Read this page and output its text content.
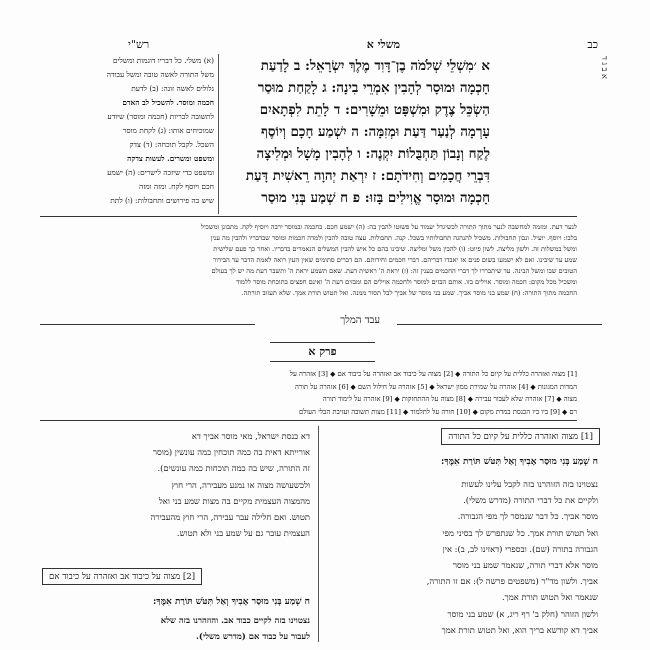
כב
משלי א
רש"י
א ב ג ד
א ׳מִשְׁלֵי שְׁלֹמֹה בֶן־דָּוִד מֶלֶךְ יִשְׂרָאֵל: ב לָדַעַת
חָכְמָה וּמוּסָר לְהָבִין אִמְרֵי בִינָה: ג לָקַחַת מוּסַר
הַשְׂכֵּל צֶדֶק וּמִשְׁפָּט וּמֵשָׁרִים: ד לָתֵת לִפְתָאיִם
עָרְמָה לְנַעַר דַּעַת וּמְזִמָּה: ה יִשְׁמַע חָכָם וְיוֹסֶף
לֶקַח וְנָבוֹן תַּחְבֻּלוֹת יִקְנֶה: ו לְהָבִין מָשָׁל וּמְלִיצָה
דִּבְרֵי חֲכָמִים וְחִידֹתָם: ז יִרְאַת יְהוָה רֵאשִׁית דָּעַת
חָכְמָה וּמוּסָר אֱוִילִים בָּזוּ: פ ח שְׁמַע בְּנִי מוּסַר
(א) משלי. כל דבריו דוגמות ומשלים
משל התורה לאשה טובה ומשל עבודה
גלולים לאשה זונה: (ב) לדעת
חכמה ומוסר. להשכיל לב האדם
לתשובה לבריות (חכמה ומוסר) שיודע
שמוכיחים אותו: (ג) לקחת מוסר
השכל. לקבל תוכחה: (ד) צדק
ומשפט ומשרים. לעשות צדקה
ומשפט כדי שיזכה לישרים: (ה) ישמע
חכם ויוסף לקח. ומזה ומזה
שיש בה פירושים ותחבולות: (ו) לתת
לנער דעת. ומזמה למחשבה לנער מתוך התורה לכשיגדל יעמוד על פשוטו להבין בה: (ה) ישמע חכם. בחכמה ובמוסר ירבה ויוסיף לקח. מתבונן ומשכיל
בלבו: ויוסף. יועיל. ונבון תחבולות. משכיל להנהגה תחבולותיו בשכל. קנה. תחבולות. עצה טובה להבין ולמדה חכמות ומוסר שבדבריו ולהבין מה ענין
ומשל במשלות זה. ולשון מליצה. לשון פיוט: (ו) להבין משל ומליצה. שיבינו בהם כל איש להבין המשלים הנאמרים בדבריו. ואחר כך פעם שלישית
שמע עד שיבינו. ואם לא ישמעו בשום פנים אז יאבדו דבריהם. דברי חכמים וחידותם. הם דברים סתומים שאין העין רואה לאמת הדבר עד הבירור
הטובים שבו ומשל הבינה. עד שיתבררו לך דברי החכמים בענין זה: (ז) יראת ה' ראשית דעת. שאם תשמע יראת ה' ותשבר דעת מה יש לך בעולם
ומשכיל מכל מקום: חכמה ומוסר. אוילים בזו. אותם הבזים למוסר ולחכמה אוילים הם ומבזים דעת ה' ואינם חפצים בתוכחת מוסר ללמוד
החכמה מתוך התורה: (ח) שמע בני מוסר אביך. שמע בני מוסר של אביך לבל תסור ממנה. ואל תטוש תורת אמך. שלא תעזוב תורתה.
עבד המלך
פרק א
[1] מצוה ואזהרה כללית על קיום כל התורה ◆ [2] מצוה על כיבוד אב ואזהרה על כיבוד אם ◆ [3] אזהרה על
המדות המגונות ◆ [4] אזהרה על שמירת ממון ישראל ◆ [5] אזהרה על חילול השם ◆ [6] אזהרה על תורה
מצוה ◆ [7] אזהרה שלא לעבור עבירה ◆ [8] מצוה על ההתחזקות ◆ [9] אזהרה על לימוד תורה
רם ◆ [9] ביו ביו הכנסת במדת מקום ◆ [10] חורה על לתלמוד ◆ [11] מצות תשובה ועזיבת הבלי העולם
[1] מצוה ואזהרה כללית על קיום כל התורה
ח שְׁמַע בְּנִי מוּסַר אָבִיךָ וְאַל תִּטֹּשׁ תּוֹרַת אִמֶּךָ:
נצטוינו בזה הזוהרנו בזה לקבל עלינו לעשות
ולקיים את כל דברי התורה (מדרש משלי).
מוסר אביך. כל דבר שנמסר לך מפי הגבורה.
ואל תטוש תורת אמך. כל שנתפרש לך בסיני מפי
הגבורה בתורה (שם). ובספרי (דאזינו לב, ב): אין
מוסר אלא דברי תורה, שנאמר שמע בני מוסר
אביך. ולשון מד"ר (משפטים פרשה ל): אם זו התורה,
שנאמר ואל תטוש תורת אמך.
ולשון הזוהר (חלק ב' רף ריג, א) שמע בני מוסר
אביך דא קודשא בריך הוא, ואל תטוש תורת אמך
דא כנסת ישראל, מאי מוסר אביך דא
אורייתא דאית בה כמה תוכחין כמה עונשין (מוסר
זה התורה, שיש בה כמה תוכחות כמה עונשים).
ולכשעושה מצוה או נמנע מעבירה, הרי חוץ
מהמצוה העצמית מקיים בה מצות שמע בני ואל
תטוש. ואם חלילה עבר עבירה, הרי חוץ מהעבירה
העצמית עובר גם על שמע בני ולא תטוש.
[2] מצוה על כיבוד אב ואזהרה על כיבוד אם
ח שְׁמַע בְּנִי מוּסַר אָבִיךָ וְאַל תִּטֹּשׁ תּוֹרַת אִמֶּךָ:
נצטוינו בזה לקיים כבוד אב. והוזהרנו בזה שלא
לעבור על כבוד אם (מדרש משלי).
